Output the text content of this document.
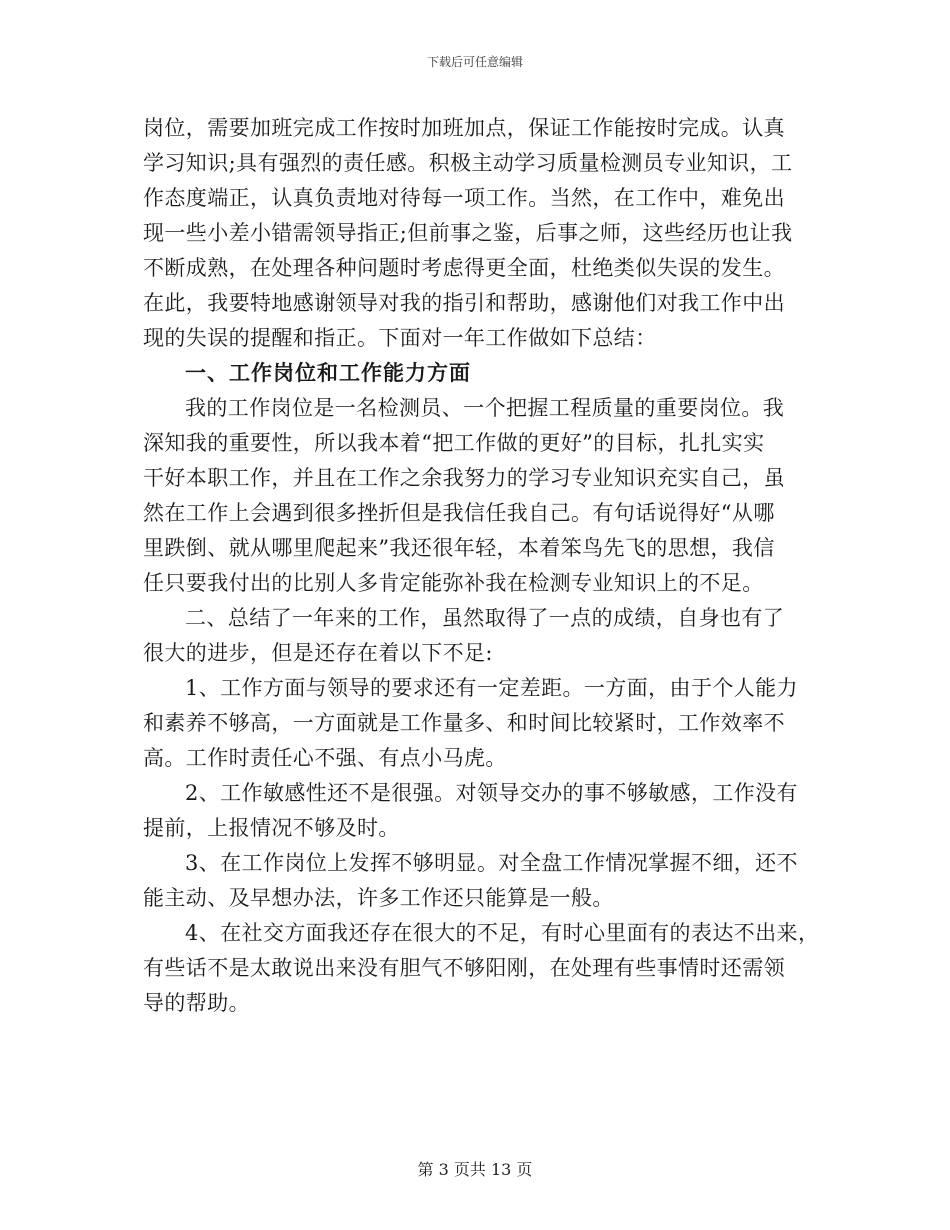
下载后可任意编辑
岗位，需要加班完成工作按时加班加点，保证工作能按时完成。认真
学习知识;具有强烈的责任感。积极主动学习质量检测员专业知识，工
作态度端正，认真负责地对待每一项工作。当然，在工作中，难免出
现一些小差小错需领导指正;但前事之鉴，后事之师，这些经历也让我
不断成熟，在处理各种问题时考虑得更全面，杜绝类似失误的发生。
在此，我要特地感谢领导对我的指引和帮助，感谢他们对我工作中出
现的失误的提醒和指正。下面对一年工作做如下总结：
一、工作岗位和工作能力方面
我的工作岗位是一名检测员、一个把握工程质量的重要岗位。我
深知我的重要性，所以我本着“把工作做的更好”的目标，扎扎实实
干好本职工作，并且在工作之余我努力的学习专业知识充实自己，虽
然在工作上会遇到很多挫折但是我信任我自己。有句话说得好“从哪
里跌倒、就从哪里爬起来”我还很年轻，本着笨鸟先飞的思想，我信
任只要我付出的比别人多肯定能弥补我在检测专业知识上的不足。
二、总结了一年来的工作，虽然取得了一点的成绩，自身也有了
很大的进步，但是还存在着以下不足:
1、工作方面与领导的要求还有一定差距。一方面，由于个人能力
和素养不够高，一方面就是工作量多、和时间比较紧时，工作效率不
高。工作时责任心不强、有点小马虎。
2、工作敏感性还不是很强。对领导交办的事不够敏感，工作没有
提前，上报情况不够及时。
3、在工作岗位上发挥不够明显。对全盘工作情况掌握不细，还不
能主动、及早想办法，许多工作还只能算是一般。
4、在社交方面我还存在很大的不足，有时心里面有的表达不出来，
有些话不是太敢说出来没有胆气不够阳刚，在处理有些事情时还需领
导的帮助。
第 3 页共 13 页
